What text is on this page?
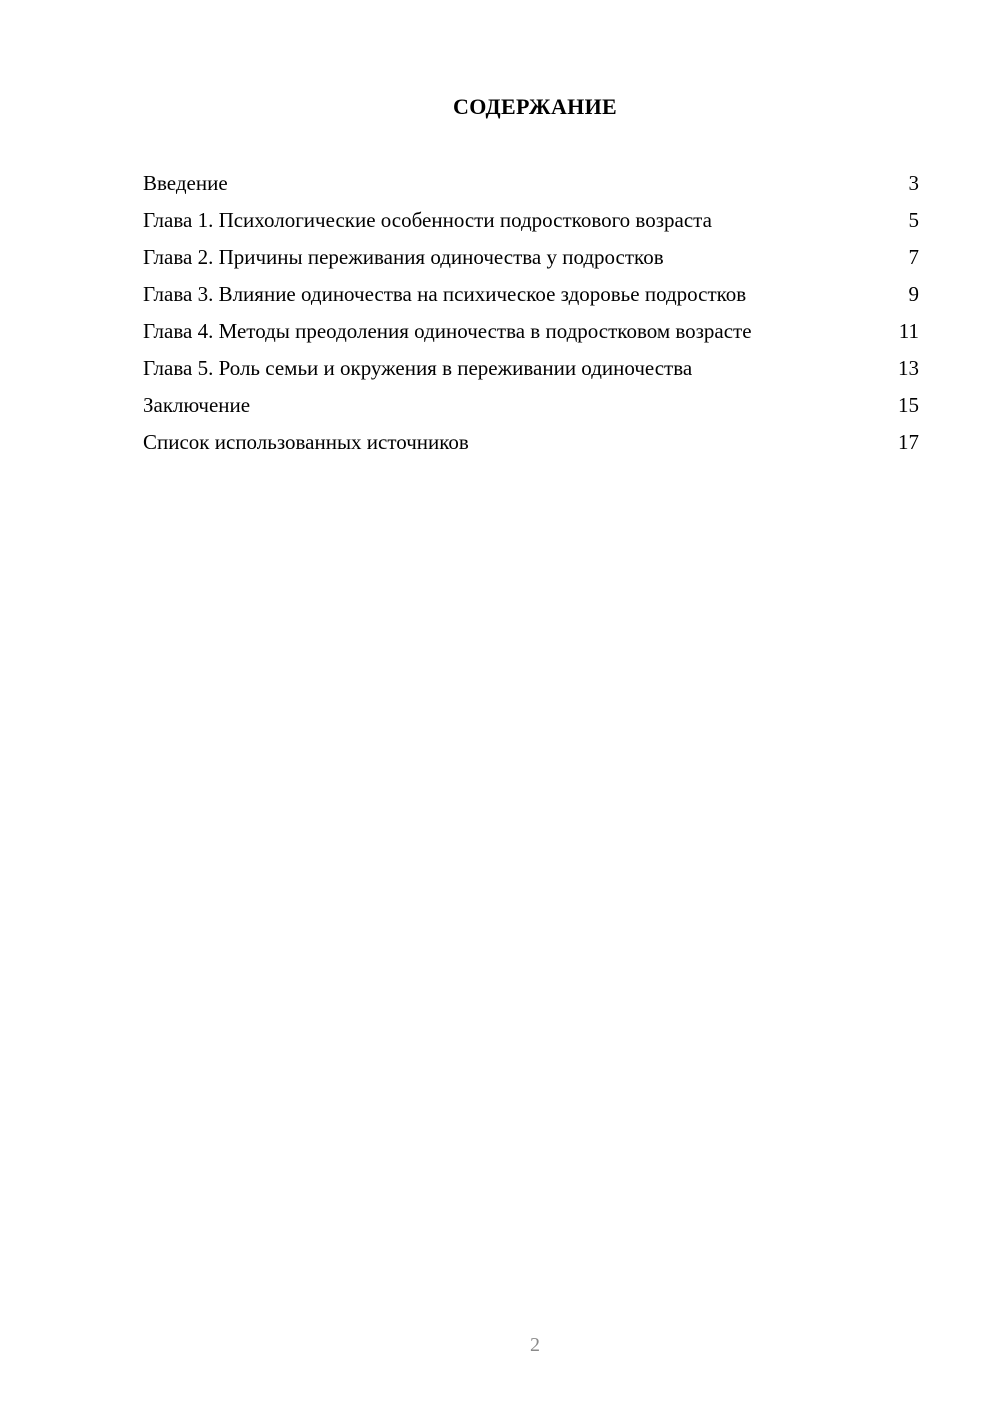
СОДЕРЖАНИЕ
Введение	3
Глава 1. Психологические особенности подросткового возраста	5
Глава 2. Причины переживания одиночества у подростков	7
Глава 3. Влияние одиночества на психическое здоровье подростков	9
Глава 4. Методы преодоления одиночества в подростковом возрасте	11
Глава 5. Роль семьи и окружения в переживании одиночества	13
Заключение	15
Список использованных источников	17

2
